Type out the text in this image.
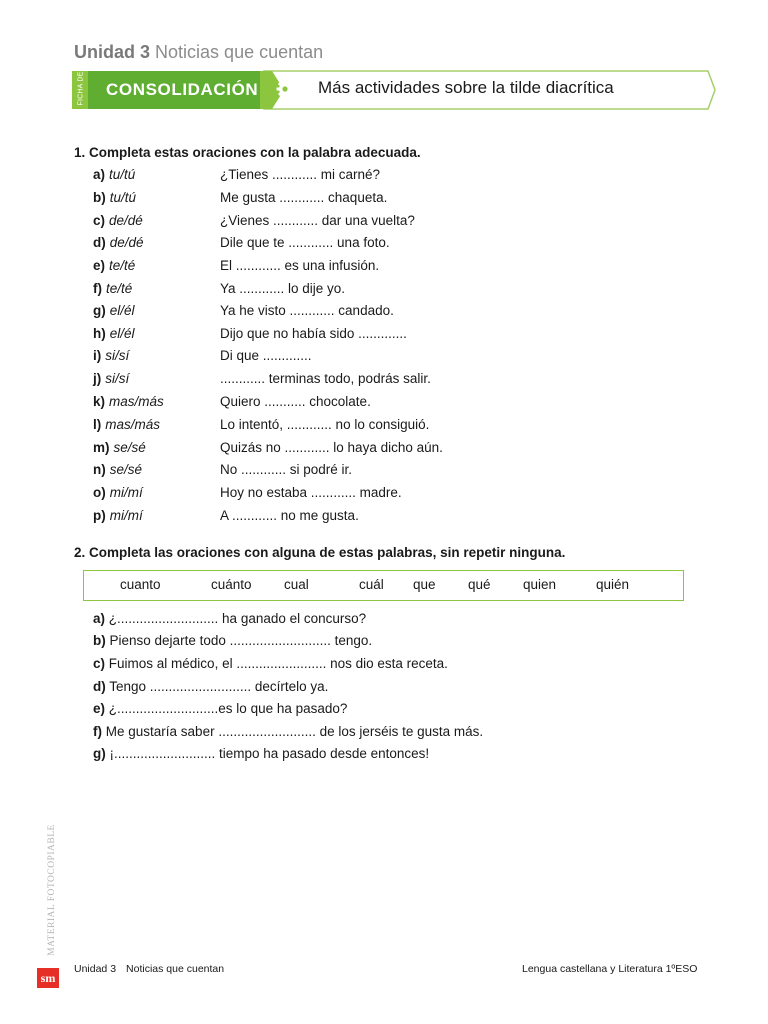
Unidad 3 Noticias que cuentan
FICHA DE CONSOLIDACIÓN	Más actividades sobre la tilde diacrítica
1. Completa estas oraciones con la palabra adecuada.
a) tu/tú	¿Tienes ............ mi carné?
b) tu/tú	Me gusta ............ chaqueta.
c) de/dé	¿Vienes ............ dar una vuelta?
d) de/dé	Dile que te ............ una foto.
e) te/té	El ............ es una infusión.
f) te/té	Ya ............ lo dije yo.
g) el/él	Ya he visto ............ candado.
h) el/él	Dijo que no había sido .............
i) si/sí	Di que .............
j) si/sí	............ terminas todo, podrás salir.
k) mas/más	Quiero ........... chocolate.
l) mas/más	Lo intentó, ............ no lo consiguió.
m) se/sé	Quizás no ............ lo haya dicho aún.
n) se/sé	No ............ si podré ir.
o) mi/mí	Hoy no estaba ............ madre.
p) mi/mí	A ............ no me gusta.
2. Completa las oraciones con alguna de estas palabras, sin repetir ninguna.
cuanto	cuánto cual	cuál que qué quien	quién
a) ¿........................... ha ganado el concurso?
b) Pienso dejarte todo ........................... tengo.
c) Fuimos al médico, el ........................ nos dio esta receta.
d) Tengo ........................... decírtelo ya.
e) ¿...........................es lo que ha pasado?
f) Me gustaría saber .......................... de los jerséis te gusta más.
g) ¡........................... tiempo ha pasado desde entonces!
MATERIAL FOTOCOPIABLE
sm
Unidad 3 Noticias que cuentan	Lengua castellana y Literatura 1ºESO
